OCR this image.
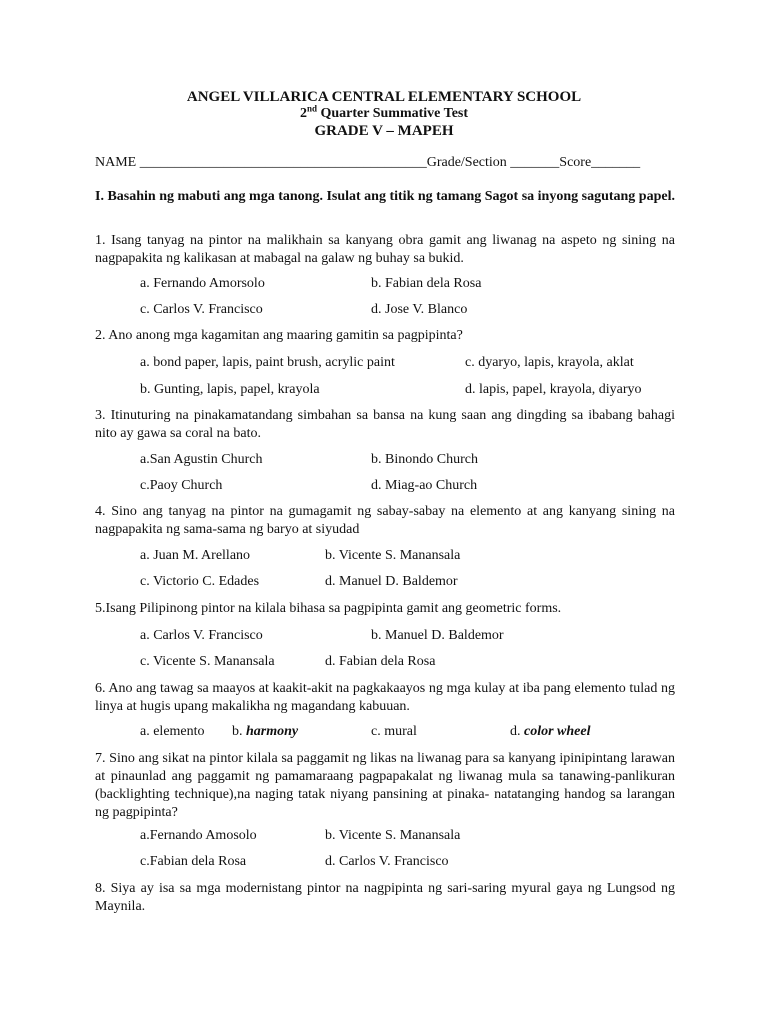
ANGEL VILLARICA CENTRAL ELEMENTARY SCHOOL
2nd Quarter Summative Test
GRADE V – MAPEH
NAME _________________________________________Grade/Section _______Score_______
I. Basahin ng mabuti ang mga tanong. Isulat ang titik ng tamang Sagot sa inyong sagutang papel.
1. Isang tanyag na pintor na malikhain sa kanyang obra gamit ang liwanag na aspeto ng sining na nagpapakita ng kalikasan at mabagal na galaw ng buhay sa bukid.
a. Fernando Amorsolo	b. Fabian dela Rosa
c. Carlos V. Francisco	d. Jose V. Blanco
2. Ano anong mga kagamitan ang maaring gamitin sa pagpipinta?
a. bond paper, lapis, paint brush, acrylic paint	c. dyaryo, lapis, krayola, aklat
b. Gunting, lapis, papel, krayola	d. lapis, papel, krayola, diyaryo
3. Itinuturing na pinakamatandang simbahan sa bansa na kung saan ang dingding sa ibabang bahagi nito ay gawa sa coral na bato.
a.San Agustin Church	b. Binondo Church
c.Paoy Church	d. Miag-ao Church
4. Sino ang tanyag na pintor na gumagamit ng sabay-sabay na elemento at ang kanyang sining na nagpapakita ng sama-sama ng baryo at siyudad
a. Juan M. Arellano	b. Vicente S. Manansala
c. Victorio C. Edades	d. Manuel D. Baldemor
5.Isang Pilipinong pintor na kilala bihasa sa pagpipinta gamit ang geometric forms.
a. Carlos V. Francisco	b. Manuel D. Baldemor
c. Vicente S. Manansala	d. Fabian dela Rosa
6. Ano ang tawag sa maayos at kaakit-akit na pagkakaayos ng mga kulay at iba pang elemento tulad ng linya at hugis upang makalikha ng magandang kabuuan.
a. elemento b. harmony	c. mural	d. color wheel
7. Sino ang sikat na pintor kilala sa paggamit ng likas na liwanag para sa kanyang ipinipintang larawan at pinaunlad ang paggamit ng pamamaraang pagpapakalat ng liwanag mula sa tanawing-panlikuran (backlighting technique),na naging tatak niyang pansining at pinaka- natatanging handog sa larangan ng pagpipinta?
a.Fernando Amosolo	b. Vicente S. Manansala
c.Fabian dela Rosa	d. Carlos V. Francisco
8. Siya ay isa sa mga modernistang pintor na nagpipinta ng sari-saring myural gaya ng Lungsod ng Maynila.
